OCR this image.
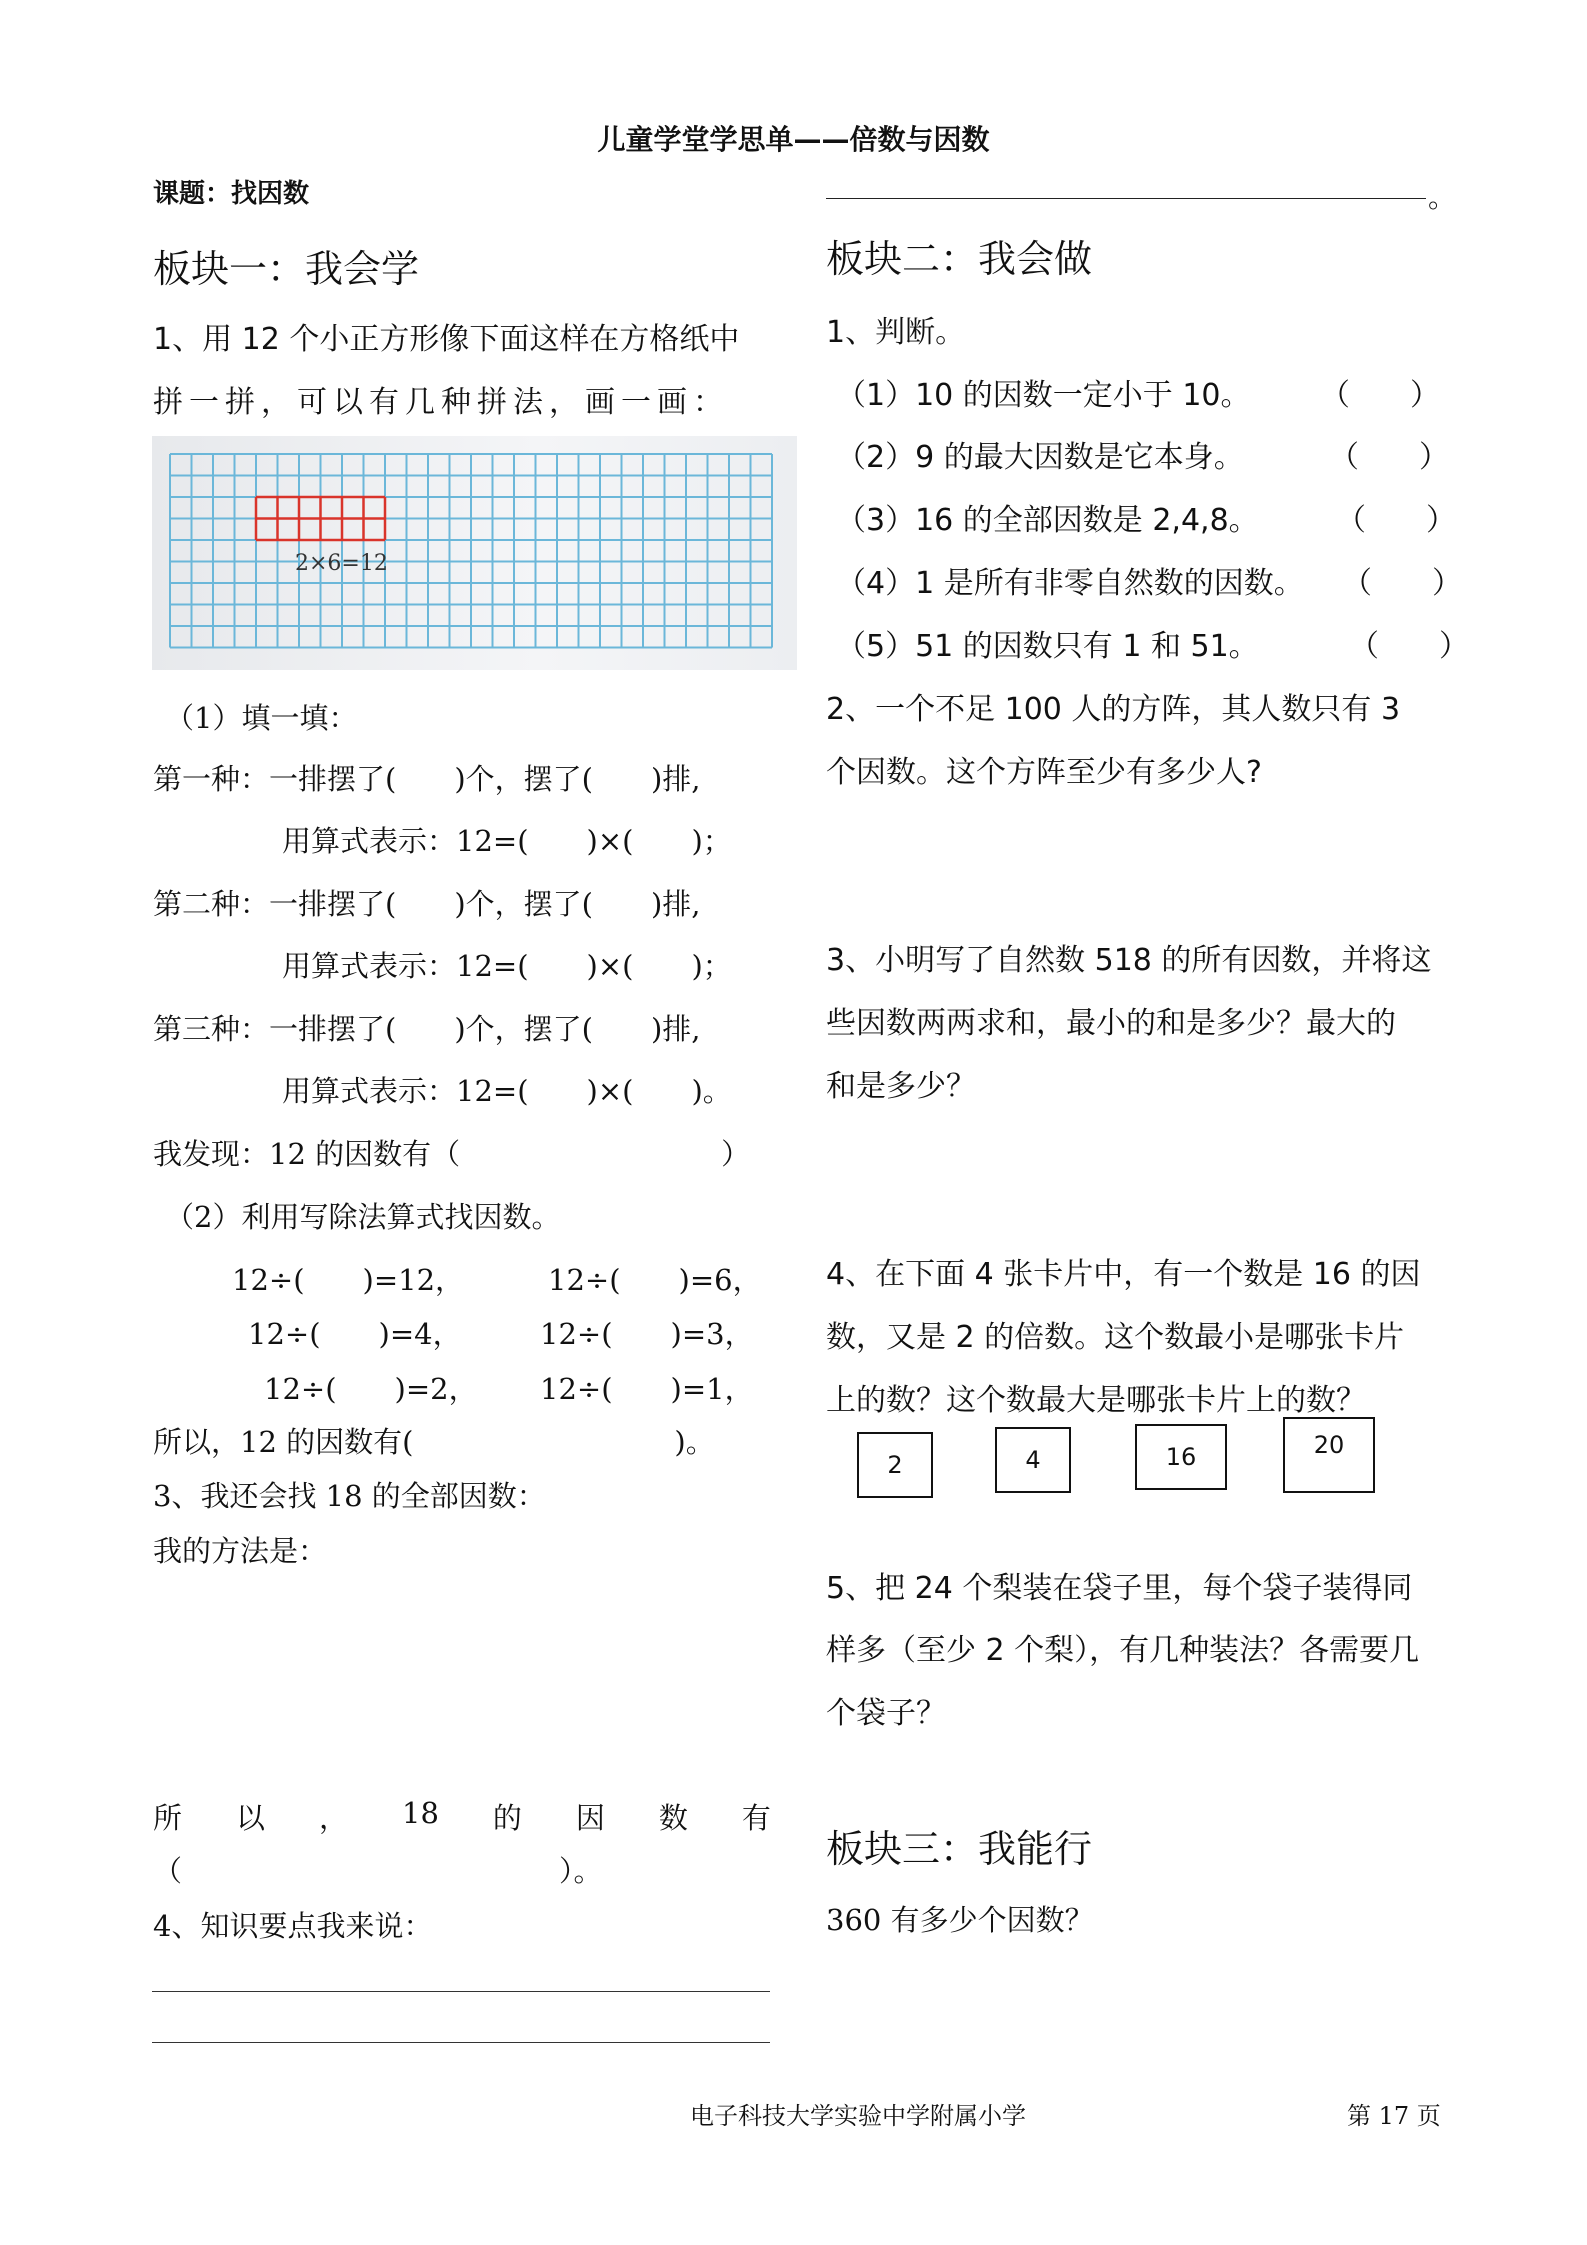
儿童学堂学思单——倍数与因数
课题：找因数	。
板块一：我会学
1、用 12 个小正方形像下面这样在方格纸中
拼一拼，可以有几种拼法，画一画：
2×6=12
（1）填一填：
第一种：一排摆了(　　)个，摆了(　　)排,
用算式表示：12=(　　)×(　　)；
第二种：一排摆了(　　)个，摆了(　　)排,
用算式表示：12=(　　)×(　　)；
第三种：一排摆了(　　)个，摆了(　　)排,
用算式表示：12=(　　)×(　　)。
我发现：12 的因数有（　　　　　　　　　）
（2）利用写除法算式找因数。
12÷(　　)=12，	12÷(　　)=6，
12÷(　　)=4，	12÷(　　)=3，
12÷(　　)=2， 12÷(　　)=1，
所以，12 的因数有(　　　　　　　　　)。
3、我还会找 18 的全部因数：
我的方法是：
所 以 ， 18 的 因 数 有
（　　　　　　　　　　　　　）。
4、知识要点我来说：
板块二：我会做
1、判断。
（1）10 的因数一定小于 10。 （　　）
（2）9 的最大因数是它本身。	（　　）
（3）16 的全部因数是 2,4,8。	（　　）
（4）1 是所有非零自然数的因数。 （　　）
（5）51 的因数只有 1 和 51。	（　　）
2、一个不足 100 人的方阵，其人数只有 3
个因数。这个方阵至少有多少人?
3、小明写了自然数 518 的所有因数，并将这
些因数两两求和，最小的和是多少？最大的
和是多少？
4、在下面 4 张卡片中，有一个数是 16 的因
数，又是 2 的倍数。这个数最小是哪张卡片
上的数？这个数最大是哪张卡片上的数？
2	4	16	20
5、把 24 个梨装在袋子里，每个袋子装得同
样多（至少 2 个梨），有几种装法？各需要几
个袋子？
板块三：我能行
360 有多少个因数？
电子科技大学实验中学附属小学	第 17 页
